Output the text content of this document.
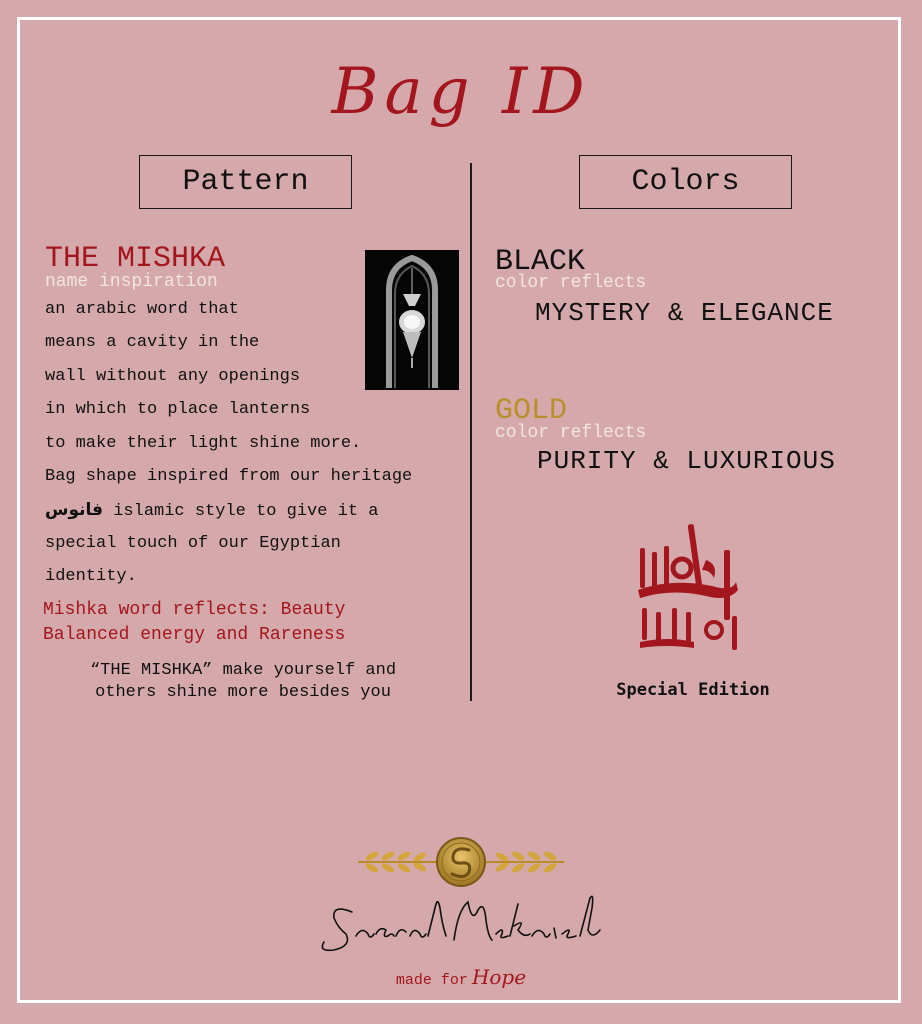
Bag ID
Pattern	Colors
THE MISHKA
name inspiration
an arabic word that
means a cavity in the
wall without any openings
in which to place lanterns
to make their light shine more.
Bag shape inspired from our heritage
فانوس islamic style to give it a
special touch of our Egyptian
identity.
Mishka word reflects: Beauty
Balanced energy and Rareness
“THE MISHKA” make yourself and
others shine more besides you
BLACK
color reflects
MYSTERY & ELEGANCE
GOLD
color reflects
PURITY & LUXURIOUS
Special Edition
made for Hope
